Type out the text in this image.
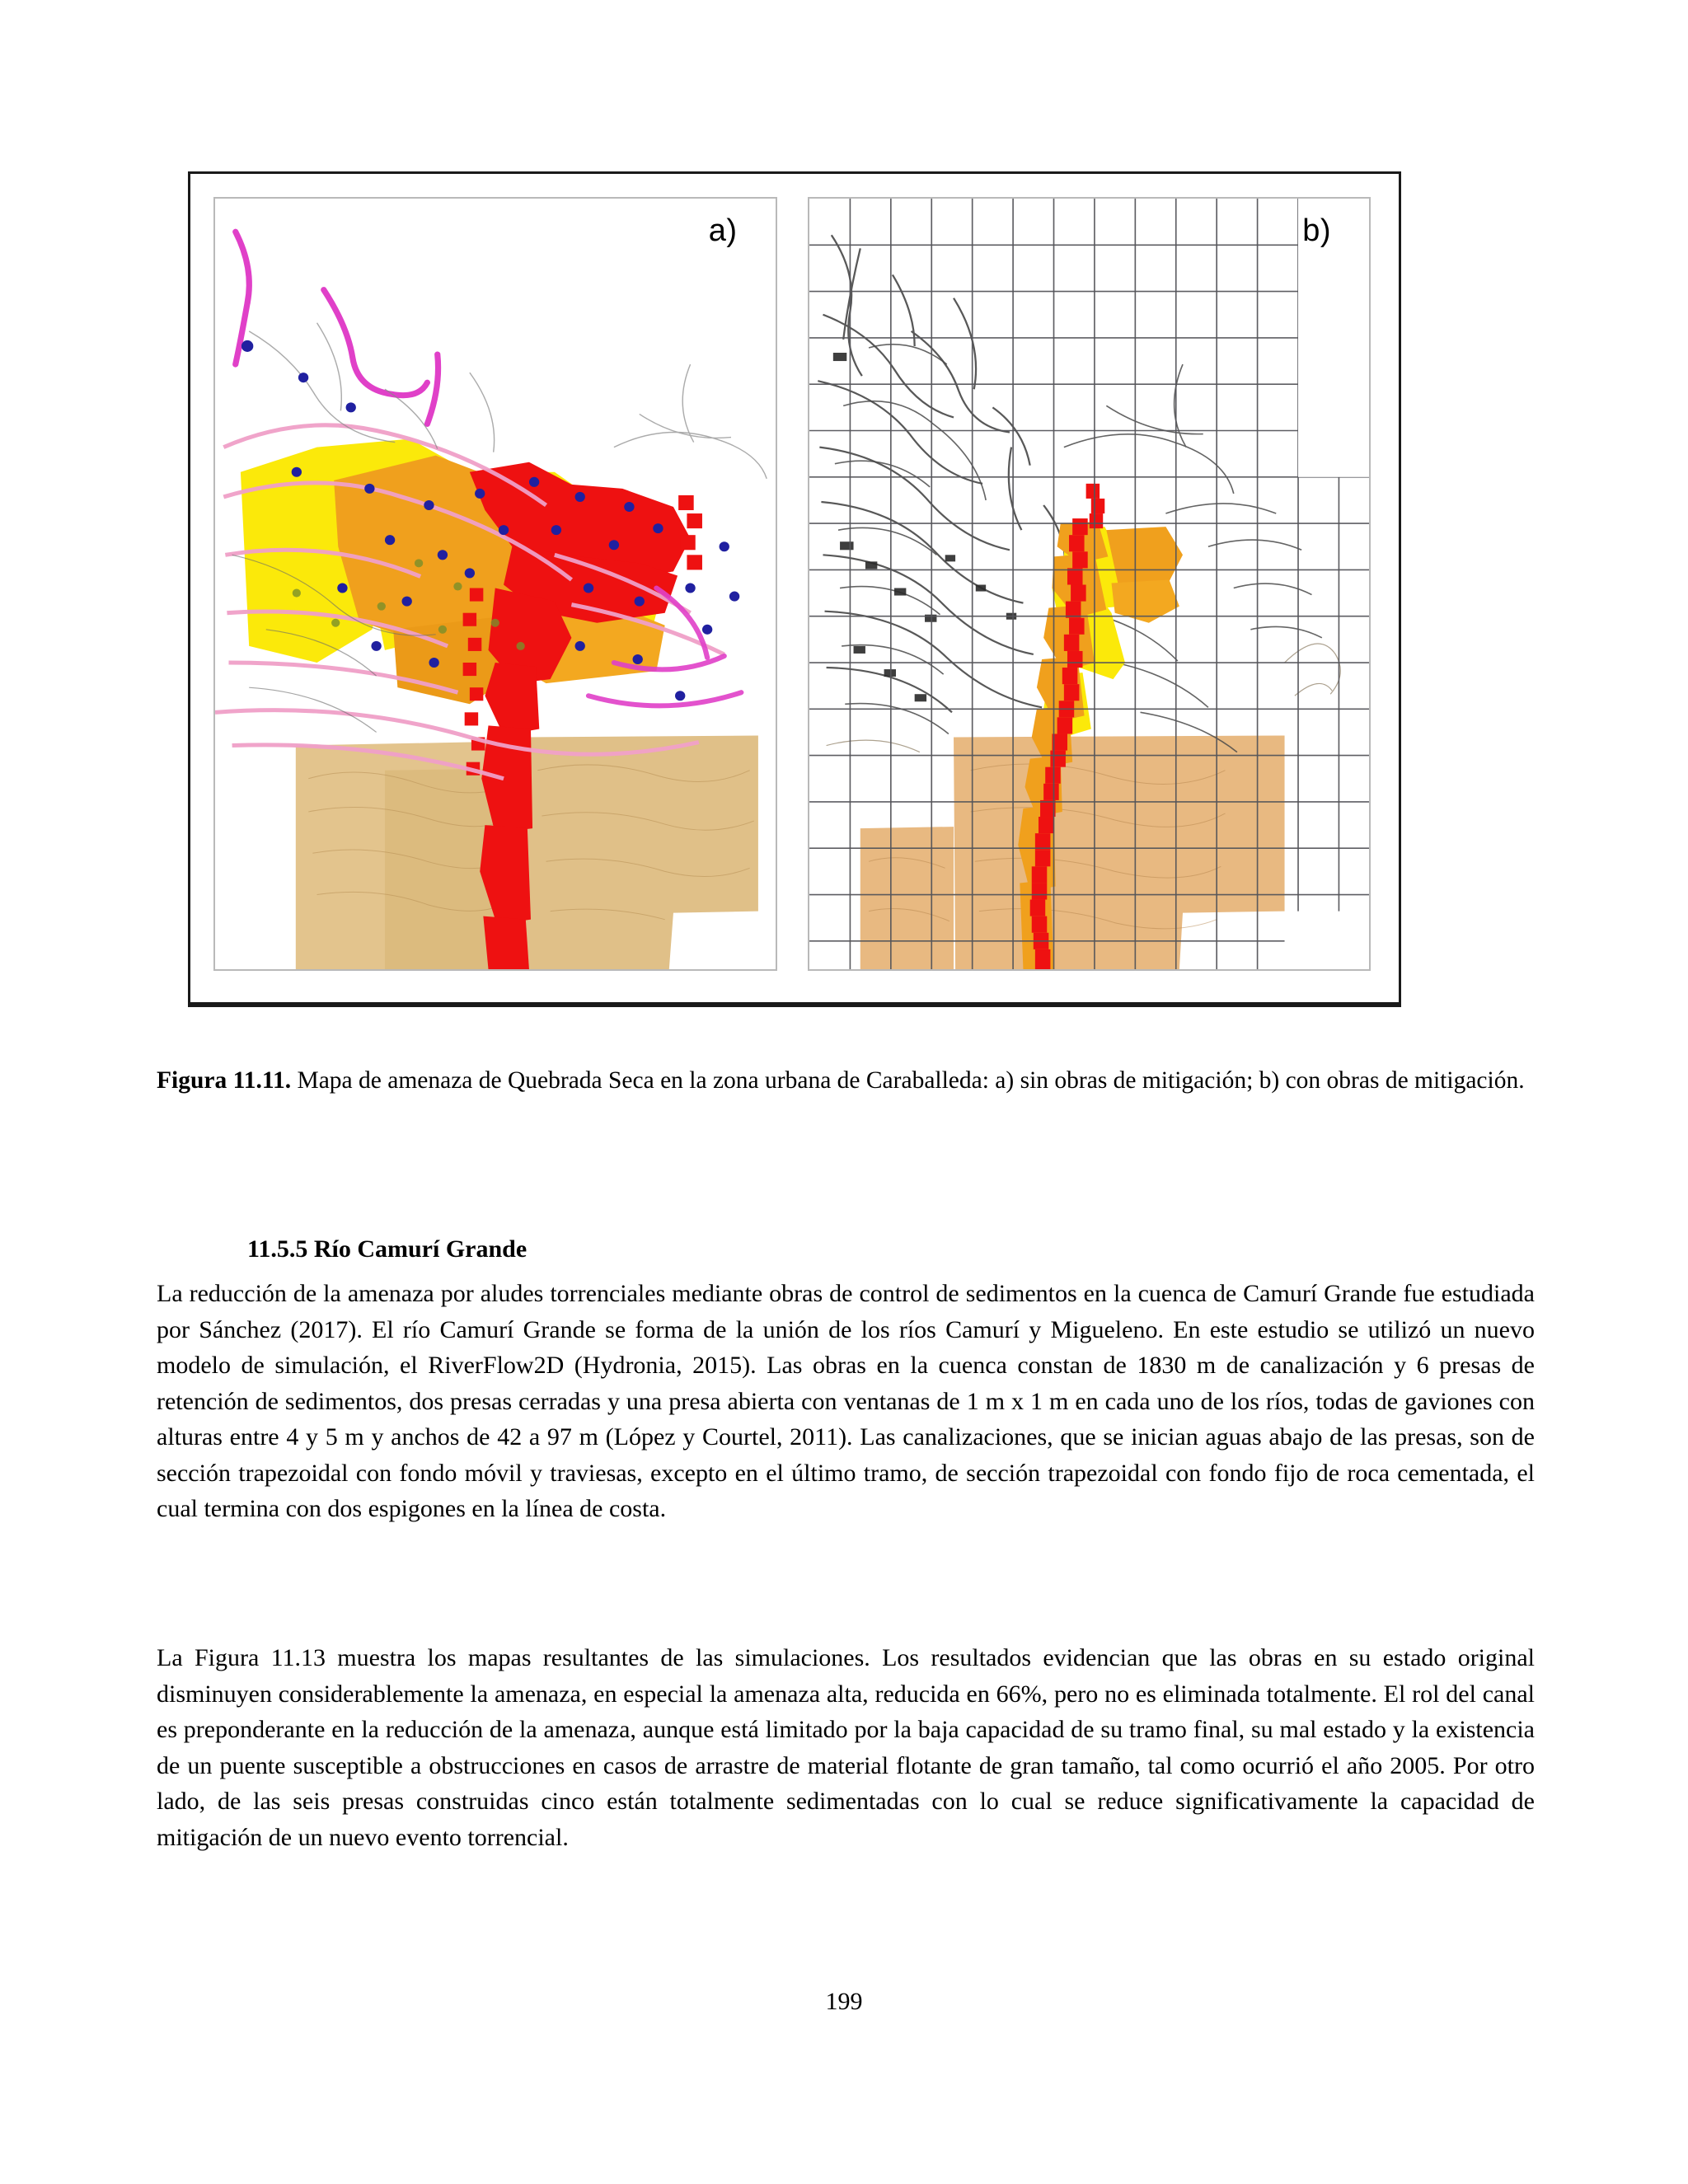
a)	b)
Figura 11.11. Mapa de amenaza de Quebrada Seca en la zona urbana de Caraballeda: a) sin obras de mitigación; b) con obras de mitigación.
11.5.5 Río Camurí Grande
La reducción de la amenaza por aludes torrenciales mediante obras de control de sedimentos en la cuenca de Camurí Grande fue estudiada por Sánchez (2017). El río Camurí Grande se forma de la unión de los ríos Camurí y Migueleno. En este estudio se utilizó un nuevo modelo de simulación, el RiverFlow2D (Hydronia, 2015). Las obras en la cuenca constan de 1830 m de canalización y 6 presas de retención de sedimentos, dos presas cerradas y una presa abierta con ventanas de 1 m x 1 m en cada uno de los ríos, todas de gaviones con alturas entre 4 y 5 m y anchos de 42 a 97 m (López y Courtel, 2011). Las canalizaciones, que se inician aguas abajo de las presas, son de sección trapezoidal con fondo móvil y traviesas, excepto en el último tramo, de sección trapezoidal con fondo fijo de roca cementada, el cual termina con dos espigones en la línea de costa.
La Figura 11.13 muestra los mapas resultantes de las simulaciones. Los resultados evidencian que las obras en su estado original disminuyen considerablemente la amenaza, en especial la amenaza alta, reducida en 66%, pero no es eliminada totalmente. El rol del canal es preponderante en la reducción de la amenaza, aunque está limitado por la baja capacidad de su tramo final, su mal estado y la existencia de un puente susceptible a obstrucciones en casos de arrastre de material flotante de gran tamaño, tal como ocurrió el año 2005. Por otro lado, de las seis presas construidas cinco están totalmente sedimentadas con lo cual se reduce significativamente la capacidad de mitigación de un nuevo evento torrencial.
199
